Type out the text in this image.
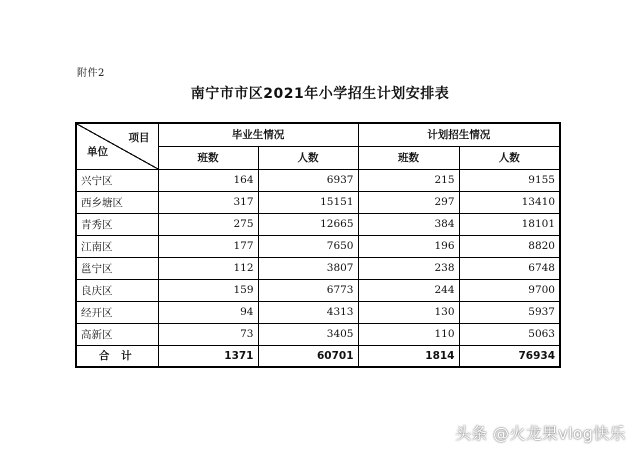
附件2
南宁市市区2021年小学招生计划安排表
项目
单位	毕业生情况		计划招生情况	
	班数	人数	班数	人数
兴宁区	164	6937	215	9155
西乡塘区	317	15151	297	13410
青秀区	275	12665	384	18101
江南区	177	7650	196	8820
邕宁区	112	3807	238	6748
良庆区	159	6773	244	9700
经开区	94	4313	130	5937
高新区	73	3405	110	5063
合 计	1371	60701	1814	76934
头条 @火龙果vlog快乐
